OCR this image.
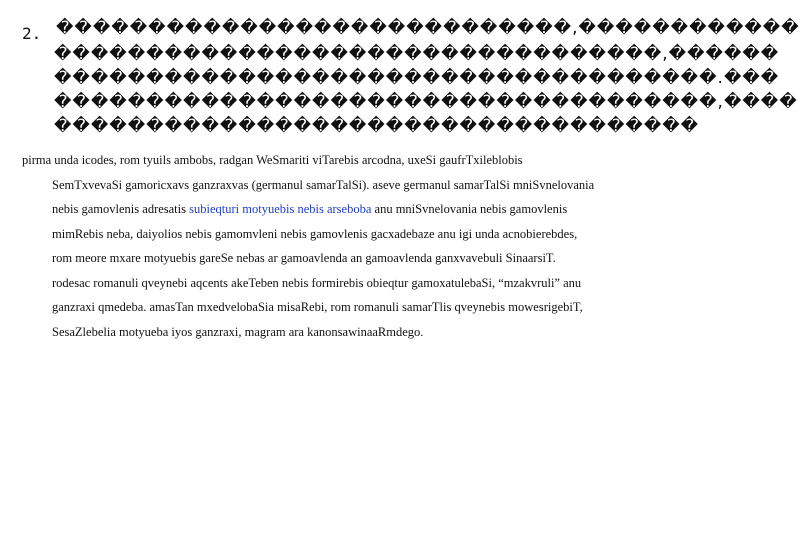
2. ����������������������������,������������
���������������������������������,������
������������������������������������.���
������������������������������������,����
�����������������������������������
pirma unda icodes, rom tyuils ambobs, radgan WeSmariti viTarebis arcodna, uxeSi gaufrTxileblobis
SemTxvevaSi gamoricxavs ganzraxvas (germanul samarTalSi). aseve germanul samarTalSi mniSvnelovania
nebis gamovlenis adresatis subieqturi motyuebis nebis arseboba anu mniSvnelovania nebis gamovlenis
mimRebis neba, daiyolios nebis gamomvleni nebis gamovlenis gacxadebaze anu igi unda acnobierebdes,
rom meore mxare motyuebis gareSe nebas ar gamoavlenda an gamoavlenda ganxvavebuli SinaarsiT.
rodesac romanuli qveynebi aqcents akeTeben nebis formirebis obieqtur gamoxatulebaSi, “mzakvruli” anu
ganzraxi qmedeba. amasTan mxedvelobaSia misaRebi, rom romanuli samarTlis qveynebis mowesrigebiT,
SesaZlebelia motyueba iyos ganzraxi, magram ara kanonsawinaaRmdego.
